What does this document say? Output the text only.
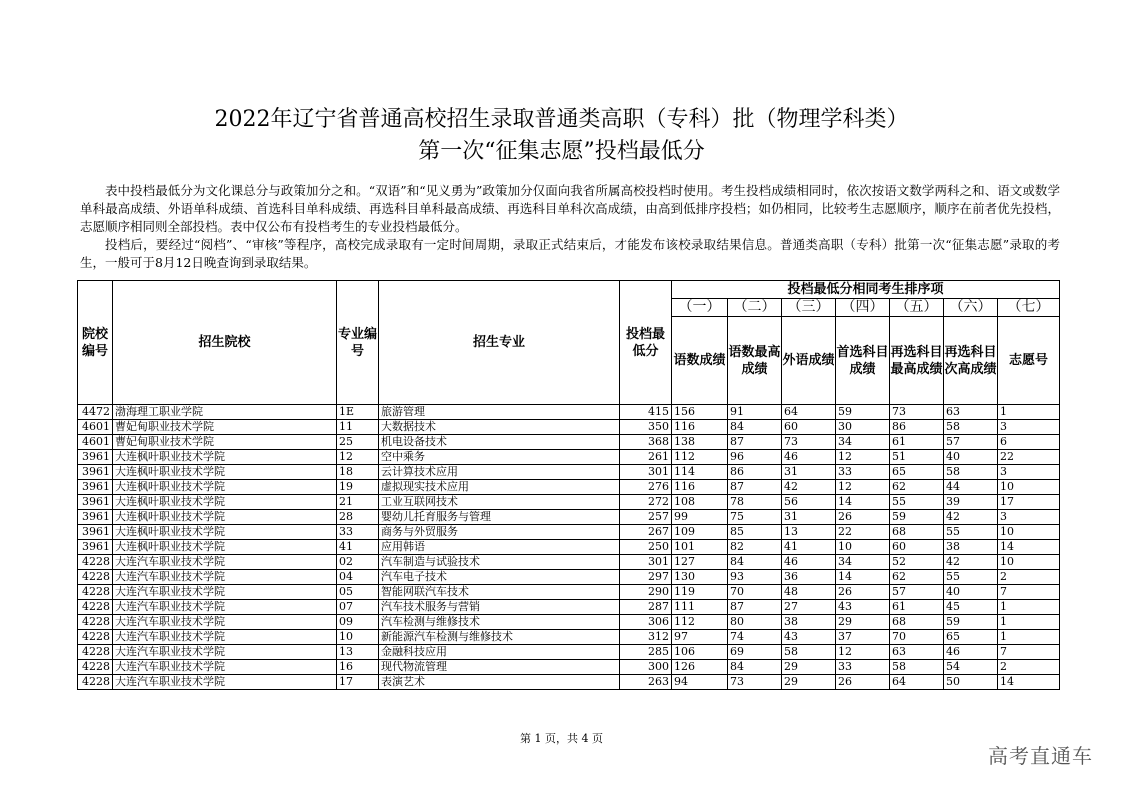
2022年辽宁省普通高校招生录取普通类高职（专科）批（物理学科类）
第一次“征集志愿”投档最低分

表中投档最低分为文化课总分与政策加分之和。“双语”和“见义勇为”政策加分仅面向我省所属高校投档时使用。考生投档成绩相同时，依次按语文数学两科之和、语文或数学单科最高成绩、外语单科成绩、首选科目单科成绩、再选科目单科最高成绩、再选科目单科次高成绩，由高到低排序投档；如仍相同，比较考生志愿顺序，顺序在前者优先投档，志愿顺序相同则全部投档。表中仅公布有投档考生的专业投档最低分。

投档后，要经过“阅档”、“审核”等程序，高校完成录取有一定时间周期，录取正式结束后，才能发布该校录取结果信息。普通类高职（专科）批第一次“征集志愿”录取的考生，一般可于8月12日晚查询到录取结果。

院校编号	招生院校	专业编号	招生专业	投档最低分	投档最低分相同考生排序项						
					（一）	（二）	（三）	（四）	（五）	（六）	（七）
					语数成绩	语数最高成绩	外语成绩	首选科目成绩	再选科目最高成绩	再选科目次高成绩	志愿号
4472	渤海理工职业学院	1E	旅游管理	415	156	91	64	59	73	63	1
4601	曹妃甸职业技术学院	11	大数据技术	350	116	84	60	30	86	58	3
4601	曹妃甸职业技术学院	25	机电设备技术	368	138	87	73	34	61	57	6
3961	大连枫叶职业技术学院	12	空中乘务	261	112	96	46	12	51	40	22
3961	大连枫叶职业技术学院	18	云计算技术应用	301	114	86	31	33	65	58	3
3961	大连枫叶职业技术学院	19	虚拟现实技术应用	276	116	87	42	12	62	44	10
3961	大连枫叶职业技术学院	21	工业互联网技术	272	108	78	56	14	55	39	17
3961	大连枫叶职业技术学院	28	婴幼儿托育服务与管理	257	99	75	31	26	59	42	3
3961	大连枫叶职业技术学院	33	商务与外贸服务	267	109	85	13	22	68	55	10
3961	大连枫叶职业技术学院	41	应用韩语	250	101	82	41	10	60	38	14
4228	大连汽车职业技术学院	02	汽车制造与试验技术	301	127	84	46	34	52	42	10
4228	大连汽车职业技术学院	04	汽车电子技术	297	130	93	36	14	62	55	2
4228	大连汽车职业技术学院	05	智能网联汽车技术	290	119	70	48	26	57	40	7
4228	大连汽车职业技术学院	07	汽车技术服务与营销	287	111	87	27	43	61	45	1
4228	大连汽车职业技术学院	09	汽车检测与维修技术	306	112	80	38	29	68	59	1
4228	大连汽车职业技术学院	10	新能源汽车检测与维修技术	312	97	74	43	37	70	65	1
4228	大连汽车职业技术学院	13	金融科技应用	285	106	69	58	12	63	46	7
4228	大连汽车职业技术学院	16	现代物流管理	300	126	84	29	33	58	54	2
4228	大连汽车职业技术学院	17	表演艺术	263	94	73	29	26	64	50	14
第 1 页，共 4 页
高考直通车
